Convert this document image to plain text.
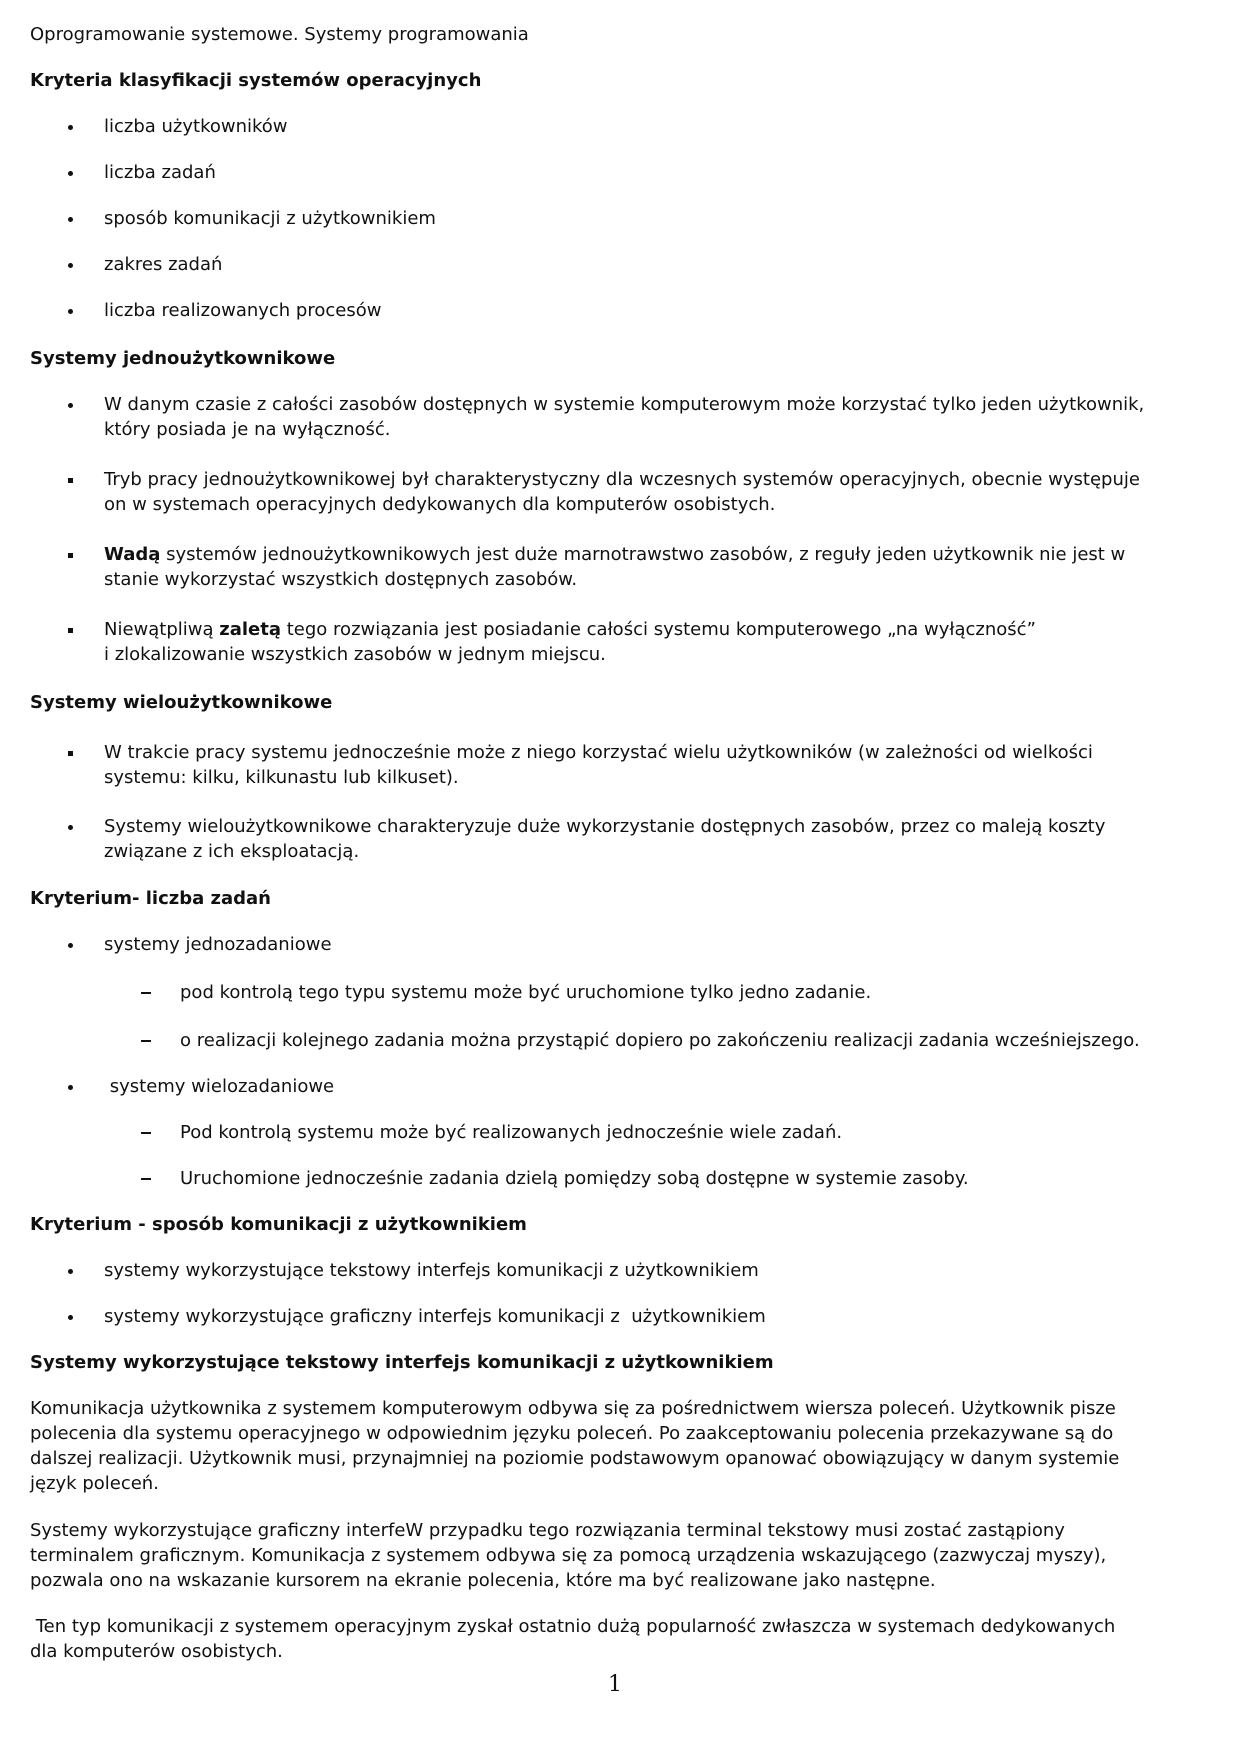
Oprogramowanie systemowe. Systemy programowania
Kryteria klasyfikacji systemów operacyjnych
liczba użytkowników
liczba zadań
sposób komunikacji z użytkownikiem
zakres zadań
liczba realizowanych procesów
Systemy jednoużytkownikowe
W danym czasie z całości zasobów dostępnych w systemie komputerowym może korzystać tylko jeden użytkownik,
który posiada je na wyłączność.
Tryb pracy jednoużytkownikowej był charakterystyczny dla wczesnych systemów operacyjnych, obecnie występuje
on w systemach operacyjnych dedykowanych dla komputerów osobistych.
Wadą systemów jednoużytkownikowych jest duże marnotrawstwo zasobów, z reguły jeden użytkownik nie jest w
stanie wykorzystać wszystkich dostępnych zasobów.
Niewątpliwą zaletą tego rozwiązania jest posiadanie całości systemu komputerowego „na wyłączność”
i zlokalizowanie wszystkich zasobów w jednym miejscu.
Systemy wieloużytkownikowe
W trakcie pracy systemu jednocześnie może z niego korzystać wielu użytkowników (w zależności od wielkości
systemu: kilku, kilkunastu lub kilkuset).
Systemy wieloużytkownikowe charakteryzuje duże wykorzystanie dostępnych zasobów, przez co maleją koszty
związane z ich eksploatacją.
Kryterium- liczba zadań
systemy jednozadaniowe
pod kontrolą tego typu systemu może być uruchomione tylko jedno zadanie.
o realizacji kolejnego zadania można przystąpić dopiero po zakończeniu realizacji zadania wcześniejszego.
systemy wielozadaniowe
Pod kontrolą systemu może być realizowanych jednocześnie wiele zadań.
Uruchomione jednocześnie zadania dzielą pomiędzy sobą dostępne w systemie zasoby.
Kryterium - sposób komunikacji z użytkownikiem
systemy wykorzystujące tekstowy interfejs komunikacji z użytkownikiem
systemy wykorzystujące graficzny interfejs komunikacji z  użytkownikiem
Systemy wykorzystujące tekstowy interfejs komunikacji z użytkownikiem
Komunikacja użytkownika z systemem komputerowym odbywa się za pośrednictwem wiersza poleceń. Użytkownik pisze
polecenia dla systemu operacyjnego w odpowiednim języku poleceń. Po zaakceptowaniu polecenia przekazywane są do
dalszej realizacji. Użytkownik musi, przynajmniej na poziomie podstawowym opanować obowiązujący w danym systemie
język poleceń.
Systemy wykorzystujące graficzny interfeW przypadku tego rozwiązania terminal tekstowy musi zostać zastąpiony
terminalem graficznym. Komunikacja z systemem odbywa się za pomocą urządzenia wskazującego (zazwyczaj myszy),
pozwala ono na wskazanie kursorem na ekranie polecenia, które ma być realizowane jako następne.
Ten typ komunikacji z systemem operacyjnym zyskał ostatnio dużą popularność zwłaszcza w systemach dedykowanych
dla komputerów osobistych.
1
